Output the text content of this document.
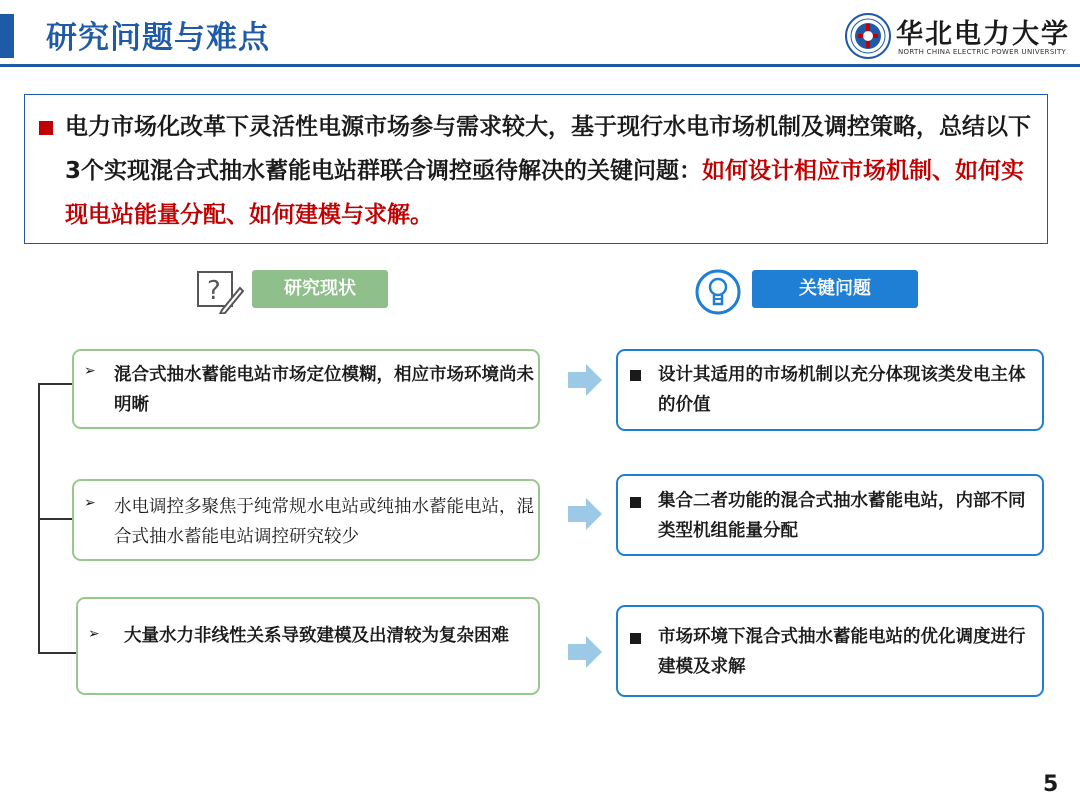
研究问题与难点	华北电力大学
NORTH CHINA ELECTRIC POWER UNIVERSITY
电力市场化改革下灵活性电源市场参与需求较大，基于现行水电市场机制及调控策略，总结以下3个实现混合式抽水蓄能电站群联合调控亟待解决的关键问题：如何设计相应市场机制、如何实现电站能量分配、如何建模与求解。
?	研究现状	关键问题
➢ 混合式抽水蓄能电站市场定位模糊，相应市场环境尚未明晰
设计其适用的市场机制以充分体现该类发电主体的价值
➢ 水电调控多聚焦于纯常规水电站或纯抽水蓄能电站，混合式抽水蓄能电站调控研究较少
集合二者功能的混合式抽水蓄能电站，内部不同类型机组能量分配
➢ 大量水力非线性关系导致建模及出清较为复杂困难	市场环境下混合式抽水蓄能电站的优化调度进行建模及求解
5
